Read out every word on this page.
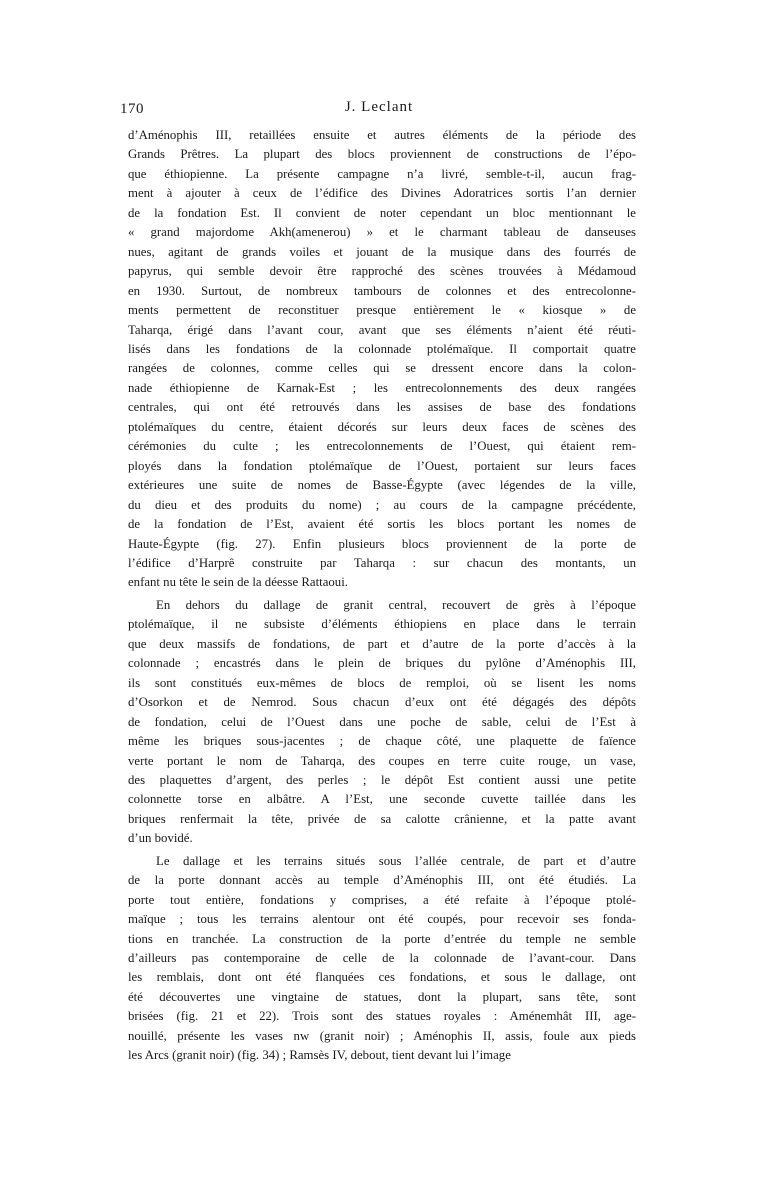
170	J. Leclant
d’Aménophis III, retaillées ensuite et autres éléments de la période des
Grands Prêtres. La plupart des blocs proviennent de constructions de l’épo-
que éthiopienne. La présente campagne n’a livré, semble-t-il, aucun frag-
ment à ajouter à ceux de l’édifice des Divines Adoratrices sortis l’an dernier
de la fondation Est. Il convient de noter cependant un bloc mentionnant le
« grand majordome Akh(amenerou) » et le charmant tableau de danseuses
nues, agitant de grands voiles et jouant de la musique dans des fourrés de
papyrus, qui semble devoir être rapproché des scènes trouvées à Médamoud
en 1930. Surtout, de nombreux tambours de colonnes et des entrecolonne-
ments permettent de reconstituer presque entièrement le « kiosque » de
Taharqa, érigé dans l’avant cour, avant que ses éléments n’aient été réuti-
lisés dans les fondations de la colonnade ptolémaïque. Il comportait quatre
rangées de colonnes, comme celles qui se dressent encore dans la colon-
nade éthiopienne de Karnak-Est ; les entrecolonnements des deux rangées
centrales, qui ont été retrouvés dans les assises de base des fondations
ptolémaïques du centre, étaient décorés sur leurs deux faces de scènes des
cérémonies du culte ; les entrecolonnements de l’Ouest, qui étaient rem-
ployés dans la fondation ptolémaïque de l’Ouest, portaient sur leurs faces
extérieures une suite de nomes de Basse-Égypte (avec légendes de la ville,
du dieu et des produits du nome) ; au cours de la campagne précédente,
de la fondation de l’Est, avaient été sortis les blocs portant les nomes de
Haute-Égypte (fig. 27). Enfin plusieurs blocs proviennent de la porte de
l’édifice d’Harprê construite par Taharqa : sur chacun des montants, un
enfant nu tête le sein de la déesse Rattaoui.
En dehors du dallage de granit central, recouvert de grès à l’époque
ptolémaïque, il ne subsiste d’éléments éthiopiens en place dans le terrain
que deux massifs de fondations, de part et d’autre de la porte d’accès à la
colonnade ; encastrés dans le plein de briques du pylône d’Aménophis III,
ils sont constitués eux-mêmes de blocs de remploi, où se lisent les noms
d’Osorkon et de Nemrod. Sous chacun d’eux ont été dégagés des dépôts
de fondation, celui de l’Ouest dans une poche de sable, celui de l’Est à
même les briques sous-jacentes ; de chaque côté, une plaquette de faïence
verte portant le nom de Taharqa, des coupes en terre cuite rouge, un vase,
des plaquettes d’argent, des perles ; le dépôt Est contient aussi une petite
colonnette torse en albâtre. A l’Est, une seconde cuvette taillée dans les
briques renfermait la tête, privée de sa calotte crânienne, et la patte avant
d’un bovidé.
Le dallage et les terrains situés sous l’allée centrale, de part et d’autre
de la porte donnant accès au temple d’Aménophis III, ont été étudiés. La
porte tout entière, fondations y comprises, a été refaite à l’époque ptolé-
maïque ; tous les terrains alentour ont été coupés, pour recevoir ses fonda-
tions en tranchée. La construction de la porte d’entrée du temple ne semble
d’ailleurs pas contemporaine de celle de la colonnade de l’avant-cour. Dans
les remblais, dont ont été flanquées ces fondations, et sous le dallage, ont
été découvertes une vingtaine de statues, dont la plupart, sans tête, sont
brisées (fig. 21 et 22). Trois sont des statues royales : Aménemhât III, age-
nouillé, présente les vases nw (granit noir) ; Aménophis II, assis, foule aux pieds
les Arcs (granit noir) (fig. 34) ; Ramsès IV, debout, tient devant lui l’image
